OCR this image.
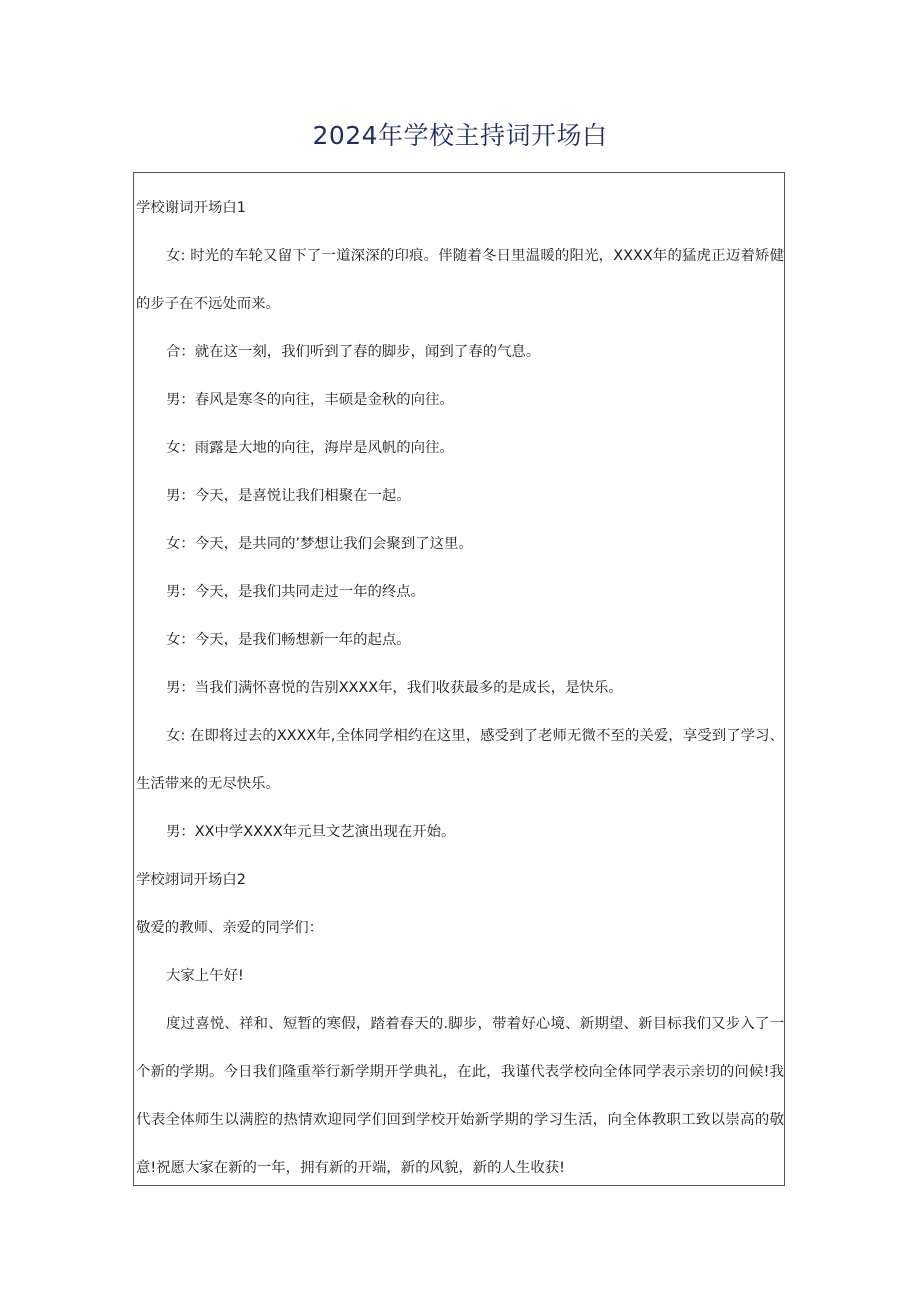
2024年学校主持词开场白
学校谢词开场白1
女: 时光的车轮又留下了一道深深的印痕。伴随着冬日里温暖的阳光，XXXX年的猛虎正迈着矫健
的步子在不远处而来。
合：就在这一刻，我们听到了春的脚步，闻到了春的气息。
男：春风是寒冬的向往，丰硕是金秋的向往。
女：雨露是大地的向往，海岸是风帆的向往。
男：今天，是喜悦让我们相聚在一起。
女：今天，是共同的’梦想让我们会聚到了这里。
男：今天，是我们共同走过一年的终点。
女：今天，是我们畅想新一年的起点。
男：当我们满怀喜悦的告别XXXX年，我们收获最多的是成长，是快乐。
女: 在即将过去的XXXX年,全体同学相约在这里，感受到了老师无微不至的关爱，享受到了学习、
生活带来的无尽快乐。
男：XX中学XXXX年元旦文艺演出现在开始。
学校翊词开场白2
敬爱的教师、亲爱的同学们：
大家上午好!
度过喜悦、祥和、短暂的寒假，踏着春天的.脚步，带着好心境、新期望、新目标我们又步入了一
个新的学期。今日我们隆重举行新学期开学典礼，在此，我谨代表学校向全体同学表示亲切的问候!我
代表全体师生以满腔的热情欢迎同学们回到学校开始新学期的学习生活，向全体教职工致以崇高的敬
意!祝愿大家在新的一年，拥有新的开端，新的风貌，新的人生收获!
